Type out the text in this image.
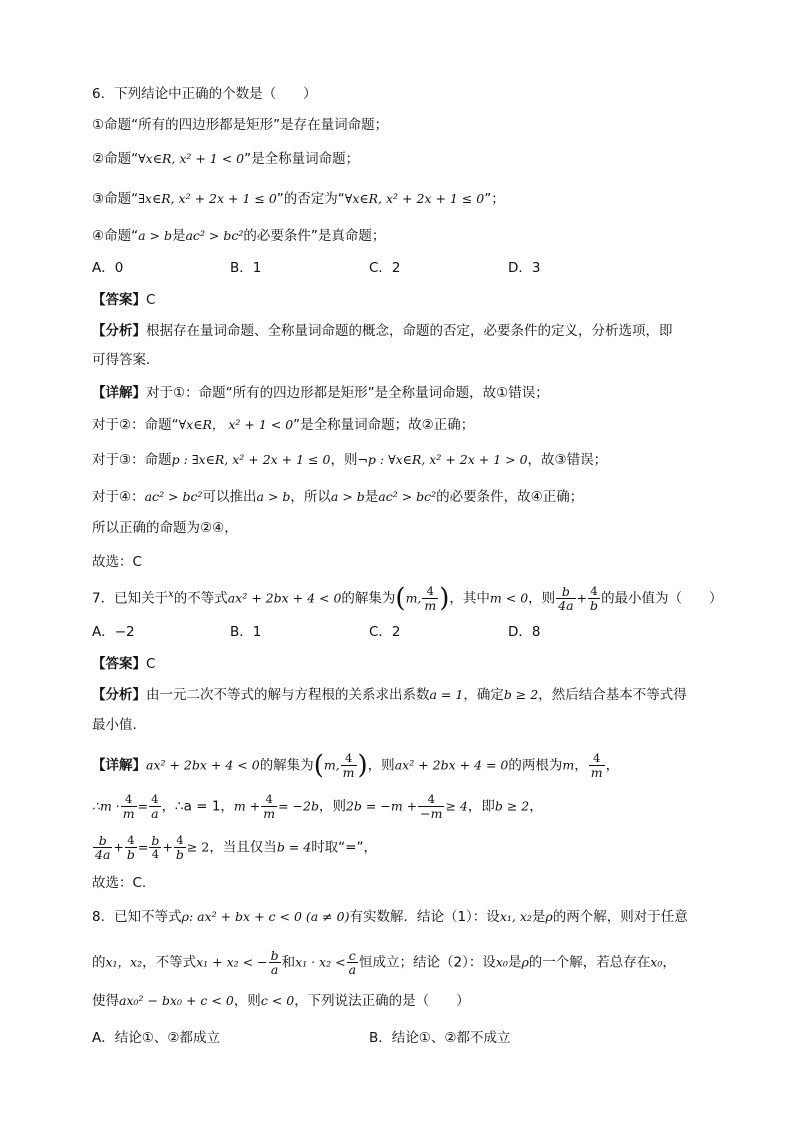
6．下列结论中正确的个数是（　　）
①命题“所有的四边形都是矩形”是存在量词命题；
②命题“∀x∈R, x² + 1 < 0”是全称量词命题；
③命题“∃x∈R, x² + 2x + 1 ≤ 0”的否定为“∀x∈R, x² + 2x + 1 ≤ 0”；
④命题“a > b是ac² > bc²的必要条件”是真命题；
A．0	B．1	C．2	D．3
【答案】C
【分析】根据存在量词命题、全称量词命题的概念，命题的否定，必要条件的定义，分析选项，即
可得答案.
【详解】对于①：命题“所有的四边形都是矩形”是全称量词命题，故①错误；
对于②：命题“∀x∈R， x² + 1 < 0”是全称量词命题；故②正确；
对于③：命题p : ∃x∈R, x² + 2x + 1 ≤ 0，则¬p : ∀x∈R, x² + 2x + 1 > 0，故③错误；
对于④：ac² > bc²可以推出a > b，所以a > b是ac² > bc²的必要条件，故④正确；
所以正确的命题为②④，
故选：C
7．已知关于$^x$的不等式ax² + 2bx + 4 < 0的解集为(m, $\frac{4}{m}$ )，其中m < 0，则 $\frac{b}{4a} + \frac{4}{b}$ 的最小值为（　　）
A．−2	B．1	C．2	D．8
【答案】C
【分析】由一元二次不等式的解与方程根的关系求出系数a = 1，确定b ≥ 2，然后结合基本不等式得
最小值.
【详解】ax² + 2bx + 4 < 0的解集为(m, $\frac{4}{m}$ )，则ax² + 2bx + 4 = 0的两根为m， $\frac{4}{m}$ ，
∴m · $\frac{4}{m} = \frac{4}{a}$ ，∴a = 1，$m + \frac{4}{m} = -2b$，则$2b = -m + \frac{4}{-m} \ge 4$，即b ≥ 2，
$\frac{b}{4a} + \frac{4}{b} = \frac{b}{4} + \frac{4}{b} \ge 2$，当且仅当b = 4时取“=”，
故选：C.
8．已知不等式ρ: ax² + bx + c < 0 (a ≠ 0)有实数解．结论（1）：设x₁, x₂是ρ的两个解，则对于任意
的x₁，x₂，不等式x₁ + x₂ < − $\frac{b}{a}$ 和$x_1 \cdot x_2 < \frac{c}{a}$ 恒成立；结论（2）：设x₀是ρ的一个解，若总存在x₀，
使得ax₀² − bx₀ + c < 0，则c < 0，下列说法正确的是（　　）
A．结论①、②都成立	B．结论①、②都不成立
